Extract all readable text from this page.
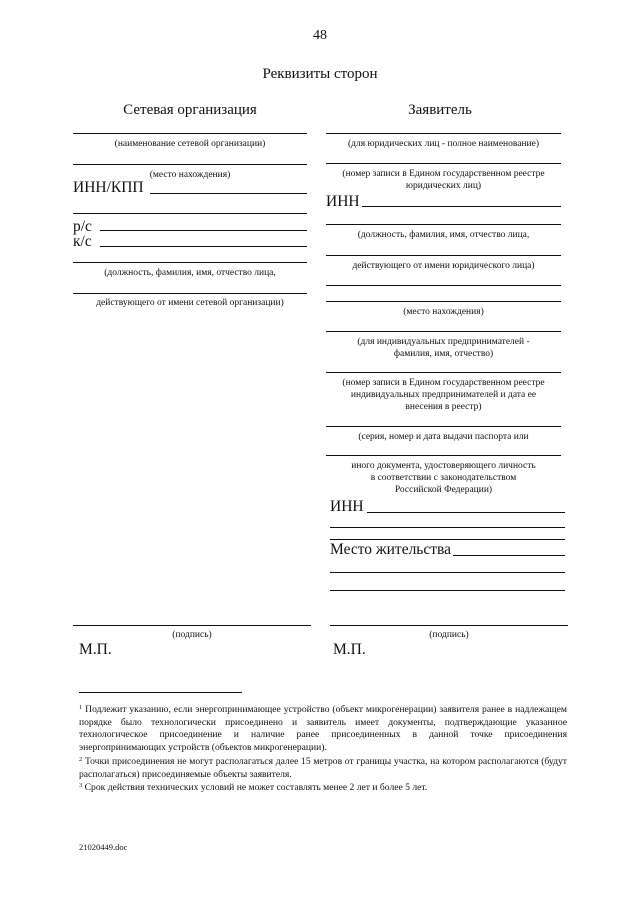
48
Реквизиты сторон
Сетевая организация
(наименование сетевой организации)
(место нахождения)
ИНН/КПП
р/с
к/с
(должность, фамилия, имя, отчество лица,
действующего от имени сетевой организации)
(подпись)
М.П.
Заявитель
(для юридических лиц - полное наименование)
(номер записи в Едином государственном реестре
юридических лиц)
ИНН
(должность, фамилия, имя, отчество лица,
действующего от имени юридического лица)
(место нахождения)
(для индивидуальных предпринимателей -
фамилия, имя, отчество)
(номер записи в Едином государственном реестре
индивидуальных предпринимателей и дата ее
внесения в реестр)
(серия, номер и дата выдачи паспорта или
иного документа, удостоверяющего личность
в соответствии с законодательством
Российской Федерации)
ИНН
Место жительства
(подпись)
М.П.
$^1$ Подлежит указанию, если энергопринимающее устройство (объект микрогенерации) заявителя ранее в надлежащем порядке было технологически присоединено и заявитель имеет документы, подтверждающие указанное технологическое присоединение и наличие ранее присоединенных в данной точке присоединения энергопринимающих устройств (объектов микрогенерации).
$^2$ Точки присоединения не могут располагаться далее 15 метров от границы участка, на котором располагаются (будут располагаться) присоединяемые объекты заявителя.
$^3$ Срок действия технических условий не может составлять менее 2 лет и более 5 лет.
21020449.doc
